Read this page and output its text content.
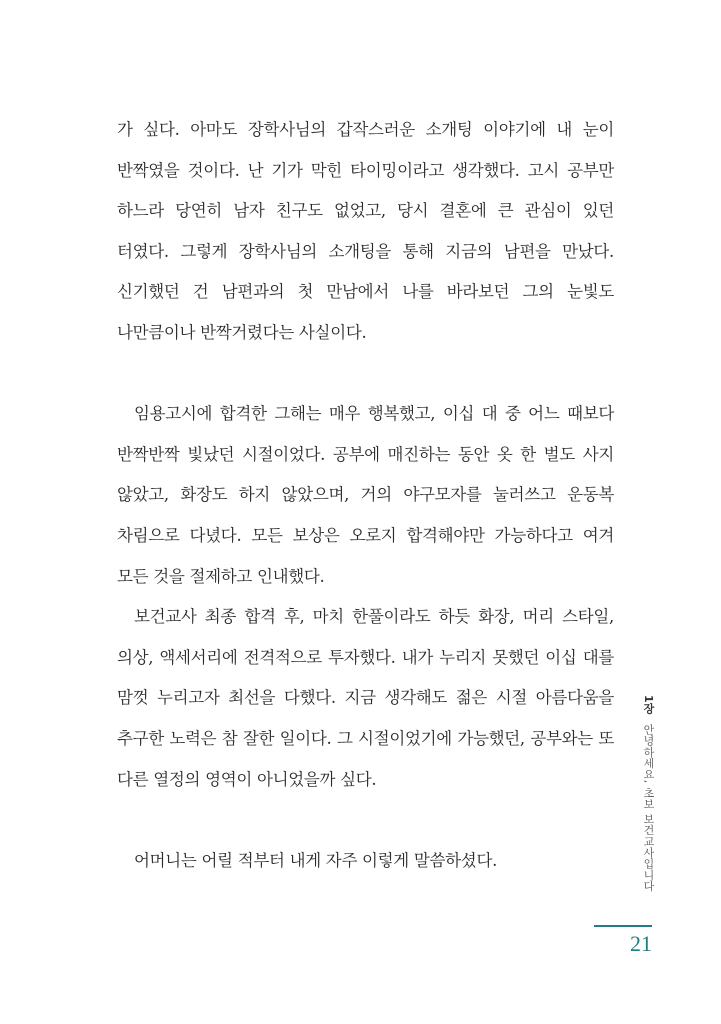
가 싶다. 아마도 장학사님의 갑작스러운 소개팅 이야기에 내 눈이 반짝였을 것이다. 난 기가 막힌 타이밍이라고 생각했다. 고시 공부만 하느라 당연히 남자 친구도 없었고, 당시 결혼에 큰 관심이 있던 터였다. 그렇게 장학사님의 소개팅을 통해 지금의 남편을 만났다. 신기했던 건 남편과의 첫 만남에서 나를 바라보던 그의 눈빛도 나만큼이나 반짝거렸다는 사실이다.

임용고시에 합격한 그해는 매우 행복했고, 이십 대 중 어느 때보다 반짝반짝 빛났던 시절이었다. 공부에 매진하는 동안 옷 한 벌도 사지 않았고, 화장도 하지 않았으며, 거의 야구모자를 눌러쓰고 운동복 차림으로 다녔다. 모든 보상은 오로지 합격해야만 가능하다고 여겨 모든 것을 절제하고 인내했다.

보건교사 최종 합격 후, 마치 한풀이라도 하듯 화장, 머리 스타일, 의상, 액세서리에 전격적으로 투자했다. 내가 누리지 못했던 이십 대를 맘껏 누리고자 최선을 다했다. 지금 생각해도 젊은 시절 아름다움을 추구한 노력은 참 잘한 일이다. 그 시절이었기에 가능했던, 공부와는 또 다른 열정의 영역이 아니었을까 싶다.

어머니는 어릴 적부터 내게 자주 이렇게 말씀하셨다.

1장 안녕하세요, 초보 보건교사입니다
21
